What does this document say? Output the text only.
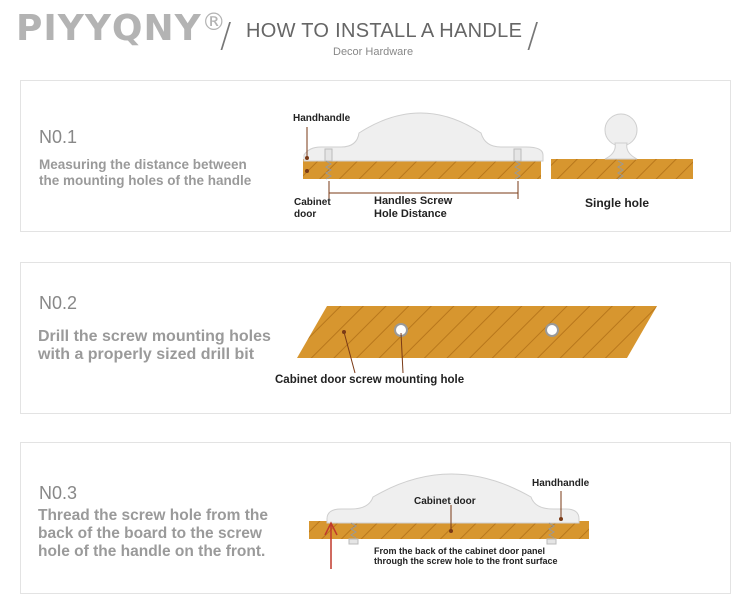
PIYYQNY®
/ HOW TO INSTALL A HANDLE
Decor Hardware	/
N0.1
Measuring the distance between
the mounting holes of the handle
Handhandle
Cabinet
door
Handles Screw
Hole Distance
Single hole
N0.2
Drill the screw mounting holes
with a properly sized drill bit
Cabinet door screw mounting hole
N0.3
Thread the screw hole from the
back of the board to the screw
hole of the handle on the front.
Handhandle
Cabinet door
From the back of the cabinet door panel
through the screw hole to the front surface
